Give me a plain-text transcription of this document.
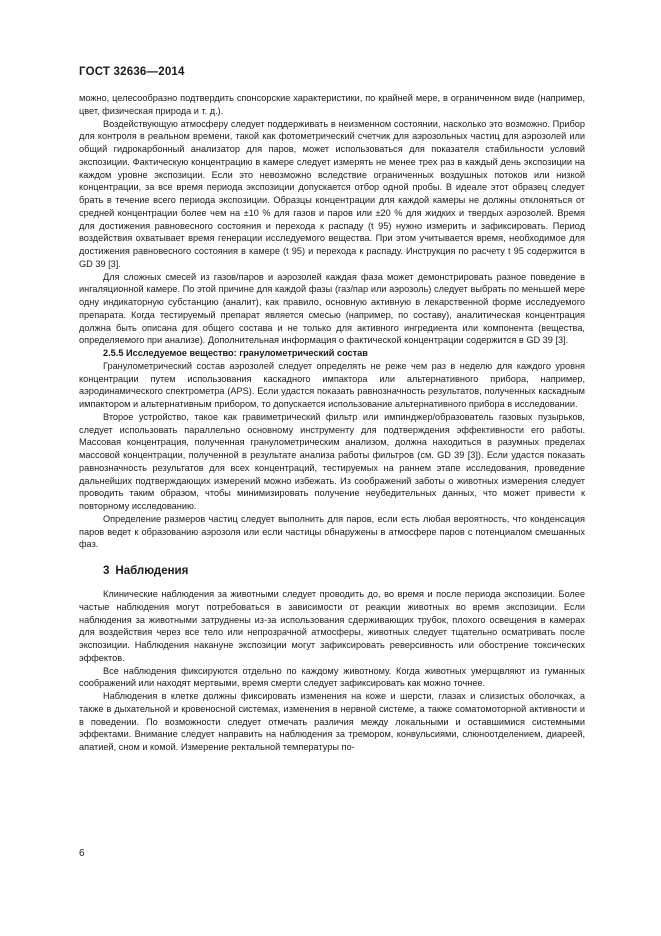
ГОСТ 32636—2014

можно, целесообразно подтвердить спонсорские характеристики, по крайней мере, в ограниченном виде (например, цвет, физическая природа и т. д.).

Воздействующую атмосферу следует поддерживать в неизменном состоянии, насколько это возможно. Прибор для контроля в реальном времени, такой как фотометрический счетчик для аэрозольных частиц для аэрозолей или общий гидрокарбонный анализатор для паров, может использоваться для показателя стабильности условий экспозиции. Фактическую концентрацию в камере следует измерять не менее трех раз в каждый день экспозиции на каждом уровне экспозиции. Если это невозможно вследствие ограниченных воздушных потоков или низкой концентрации, за все время периода экспозиции допускается отбор одной пробы. В идеале этот образец следует брать в течение всего периода экспозиции. Образцы концентрации для каждой камеры не должны отклоняться от средней концентрации более чем на ±10 % для газов и паров или ±20 % для жидких и твердых аэрозолей. Время для достижения равновесного состояния и перехода к распаду (t 95) нужно измерить и зафиксировать. Период воздействия охватывает время генерации исследуемого вещества. При этом учитывается время, необходимое для достижения равновесного состояния в камере (t 95) и перехода к распаду. Инструкция по расчету t 95 содержится в GD 39 [3].

Для сложных смесей из газов/паров и аэрозолей каждая фаза может демонстрировать разное поведение в ингаляционной камере. По этой причине для каждой фазы (газ/пар или аэрозоль) следует выбрать по меньшей мере одну индикаторную субстанцию (аналит), как правило, основную активную в лекарственной форме исследуемого препарата. Когда тестируемый препарат является смесью (например, по составу), аналитическая концентрация должна быть описана для общего состава и не только для активного ингредиента или компонента (вещества, определяемого при анализе). Дополнительная информация о фактической концентрации содержится в GD 39 [3].

2.5.5 Исследуемое вещество: гранулометрический состав

Гранулометрический состав аэрозолей следует определять не реже чем раз в неделю для каждого уровня концентрации путем использования каскадного импактора или альтернативного прибора, например, аэродинамического спектрометра (APS). Если удастся показать равнозначность результатов, полученных каскадным импактором и альтернативным прибором, то допускается использование альтернативного прибора в исследовании.

Второе устройство, такое как гравиметрический фильтр или импинджер/образователь газовых пузырьков, следует использовать параллельно основному инструменту для подтверждения эффективности его работы. Массовая концентрация, полученная гранулометрическим анализом, должна находиться в разумных пределах массовой концентрации, полученной в результате анализа работы фильтров (см. GD 39 [3]). Если удастся показать равнозначность результатов для всех концентраций, тестируемых на раннем этапе исследования, проведение дальнейших подтверждающих измерений можно избежать. Из соображений заботы о животных измерения следует проводить таким образом, чтобы минимизировать получение неубедительных данных, что может привести к повторному исследованию.

Определение размеров частиц следует выполнить для паров, если есть любая вероятность, что конденсация паров ведет к образованию аэрозоля или если частицы обнаружены в атмосфере паров с потенциалом смешанных фаз.

3 Наблюдения

Клинические наблюдения за животными следует проводить до, во время и после периода экспозиции. Более частые наблюдения могут потребоваться в зависимости от реакции животных во время экспозиции. Если наблюдения за животными затруднены из-за использования сдерживающих трубок, плохого освещения в камерах для воздействия через все тело или непрозрачной атмосферы, животных следует тщательно осматривать после экспозиции. Наблюдения накануне экспозиции могут зафиксировать реверсивность или обострение токсических эффектов.

Все наблюдения фиксируются отдельно по каждому животному. Когда животных умерщвляют из гуманных соображений или находят мертвыми, время смерти следует зафиксировать как можно точнее.

Наблюдения в клетке должны фиксировать изменения на коже и шерсти, глазах и слизистых оболочках, а также в дыхательной и кровеносной системах, изменения в нервной системе, а также соматомоторной активности и в поведении. По возможности следует отмечать различия между локальными и оставшимися системными эффектами. Внимание следует направить на наблюдения за тремором, конвульсиями, слюноотделением, диареей, апатией, сном и комой. Измерение ректальной температуры по-

6
